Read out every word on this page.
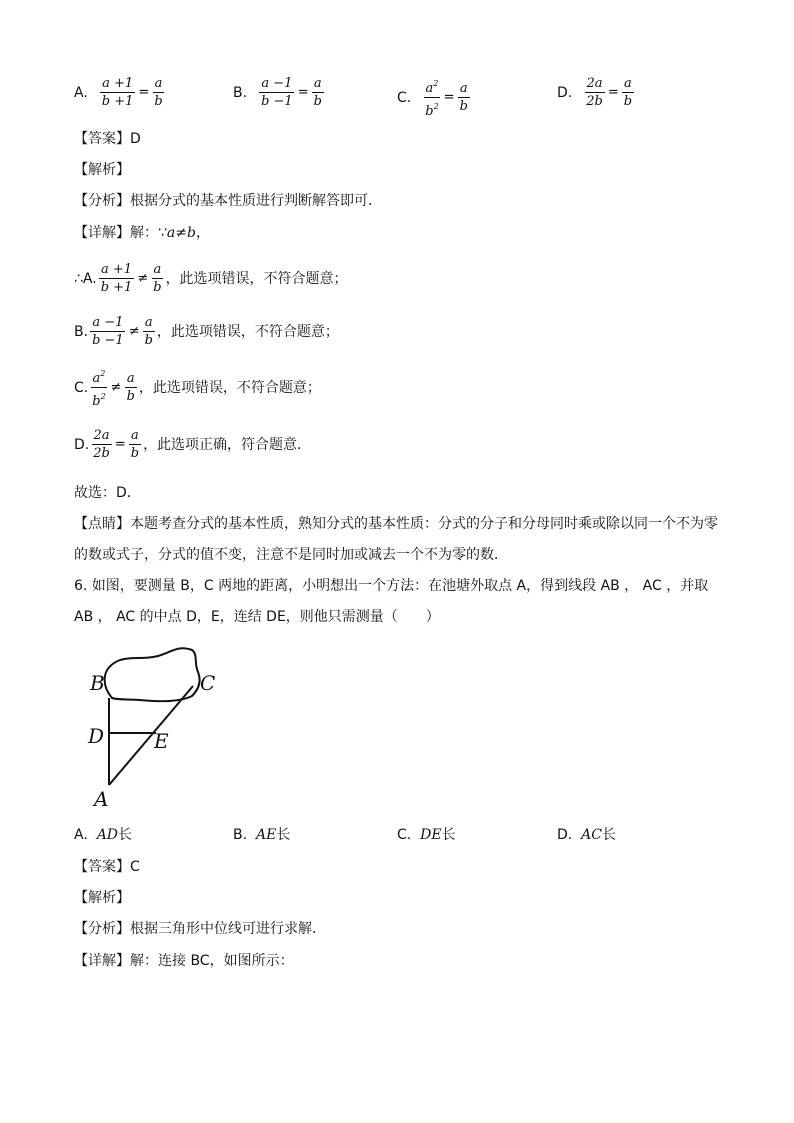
A. $\frac{a +1}{b +1} = \frac{a}{b}$	B. $\frac{a -1}{b -1} = \frac{a}{b}$	C. $\frac{a^2}{b^2} = \frac{a}{b}$	D. $\frac{2a}{2b} = \frac{a}{b}$
【答案】D
【解析】
【分析】根据分式的基本性质进行判断解答即可．
【详解】解：∵a≠b，
∴ A. $\frac{a +1}{b +1} \ne \frac{a}{b}$ ，此选项错误，不符合题意；
B. $\frac{a -1}{b -1} \ne \frac{a}{b}$ ，此选项错误，不符合题意；
C. $\frac{a^2}{b^2} \ne \frac{a}{b}$ ，此选项错误，不符合题意；
D. $\frac{2a}{2b} = \frac{a}{b}$ ，此选项正确，符合题意．
故选：D．
【点睛】本题考查分式的基本性质，熟知分式的基本性质：分式的分子和分母同时乘或除以同一个不为零
的数或式子，分式的值不变，注意不是同时加或减去一个不为零的数．
6. 如图，要测量 B，C 两地的距离，小明想出一个方法：在池塘外取点 A，得到线段 AB ， AC ，并取
AB ， AC 的中点 D，E，连结 DE，则他只需测量（　　）
B	C
D E
A
A. AD长	B. AE长	C. DE长	D. AC长
【答案】C
【解析】
【分析】根据三角形中位线可进行求解．
【详解】解：连接 BC，如图所示：
